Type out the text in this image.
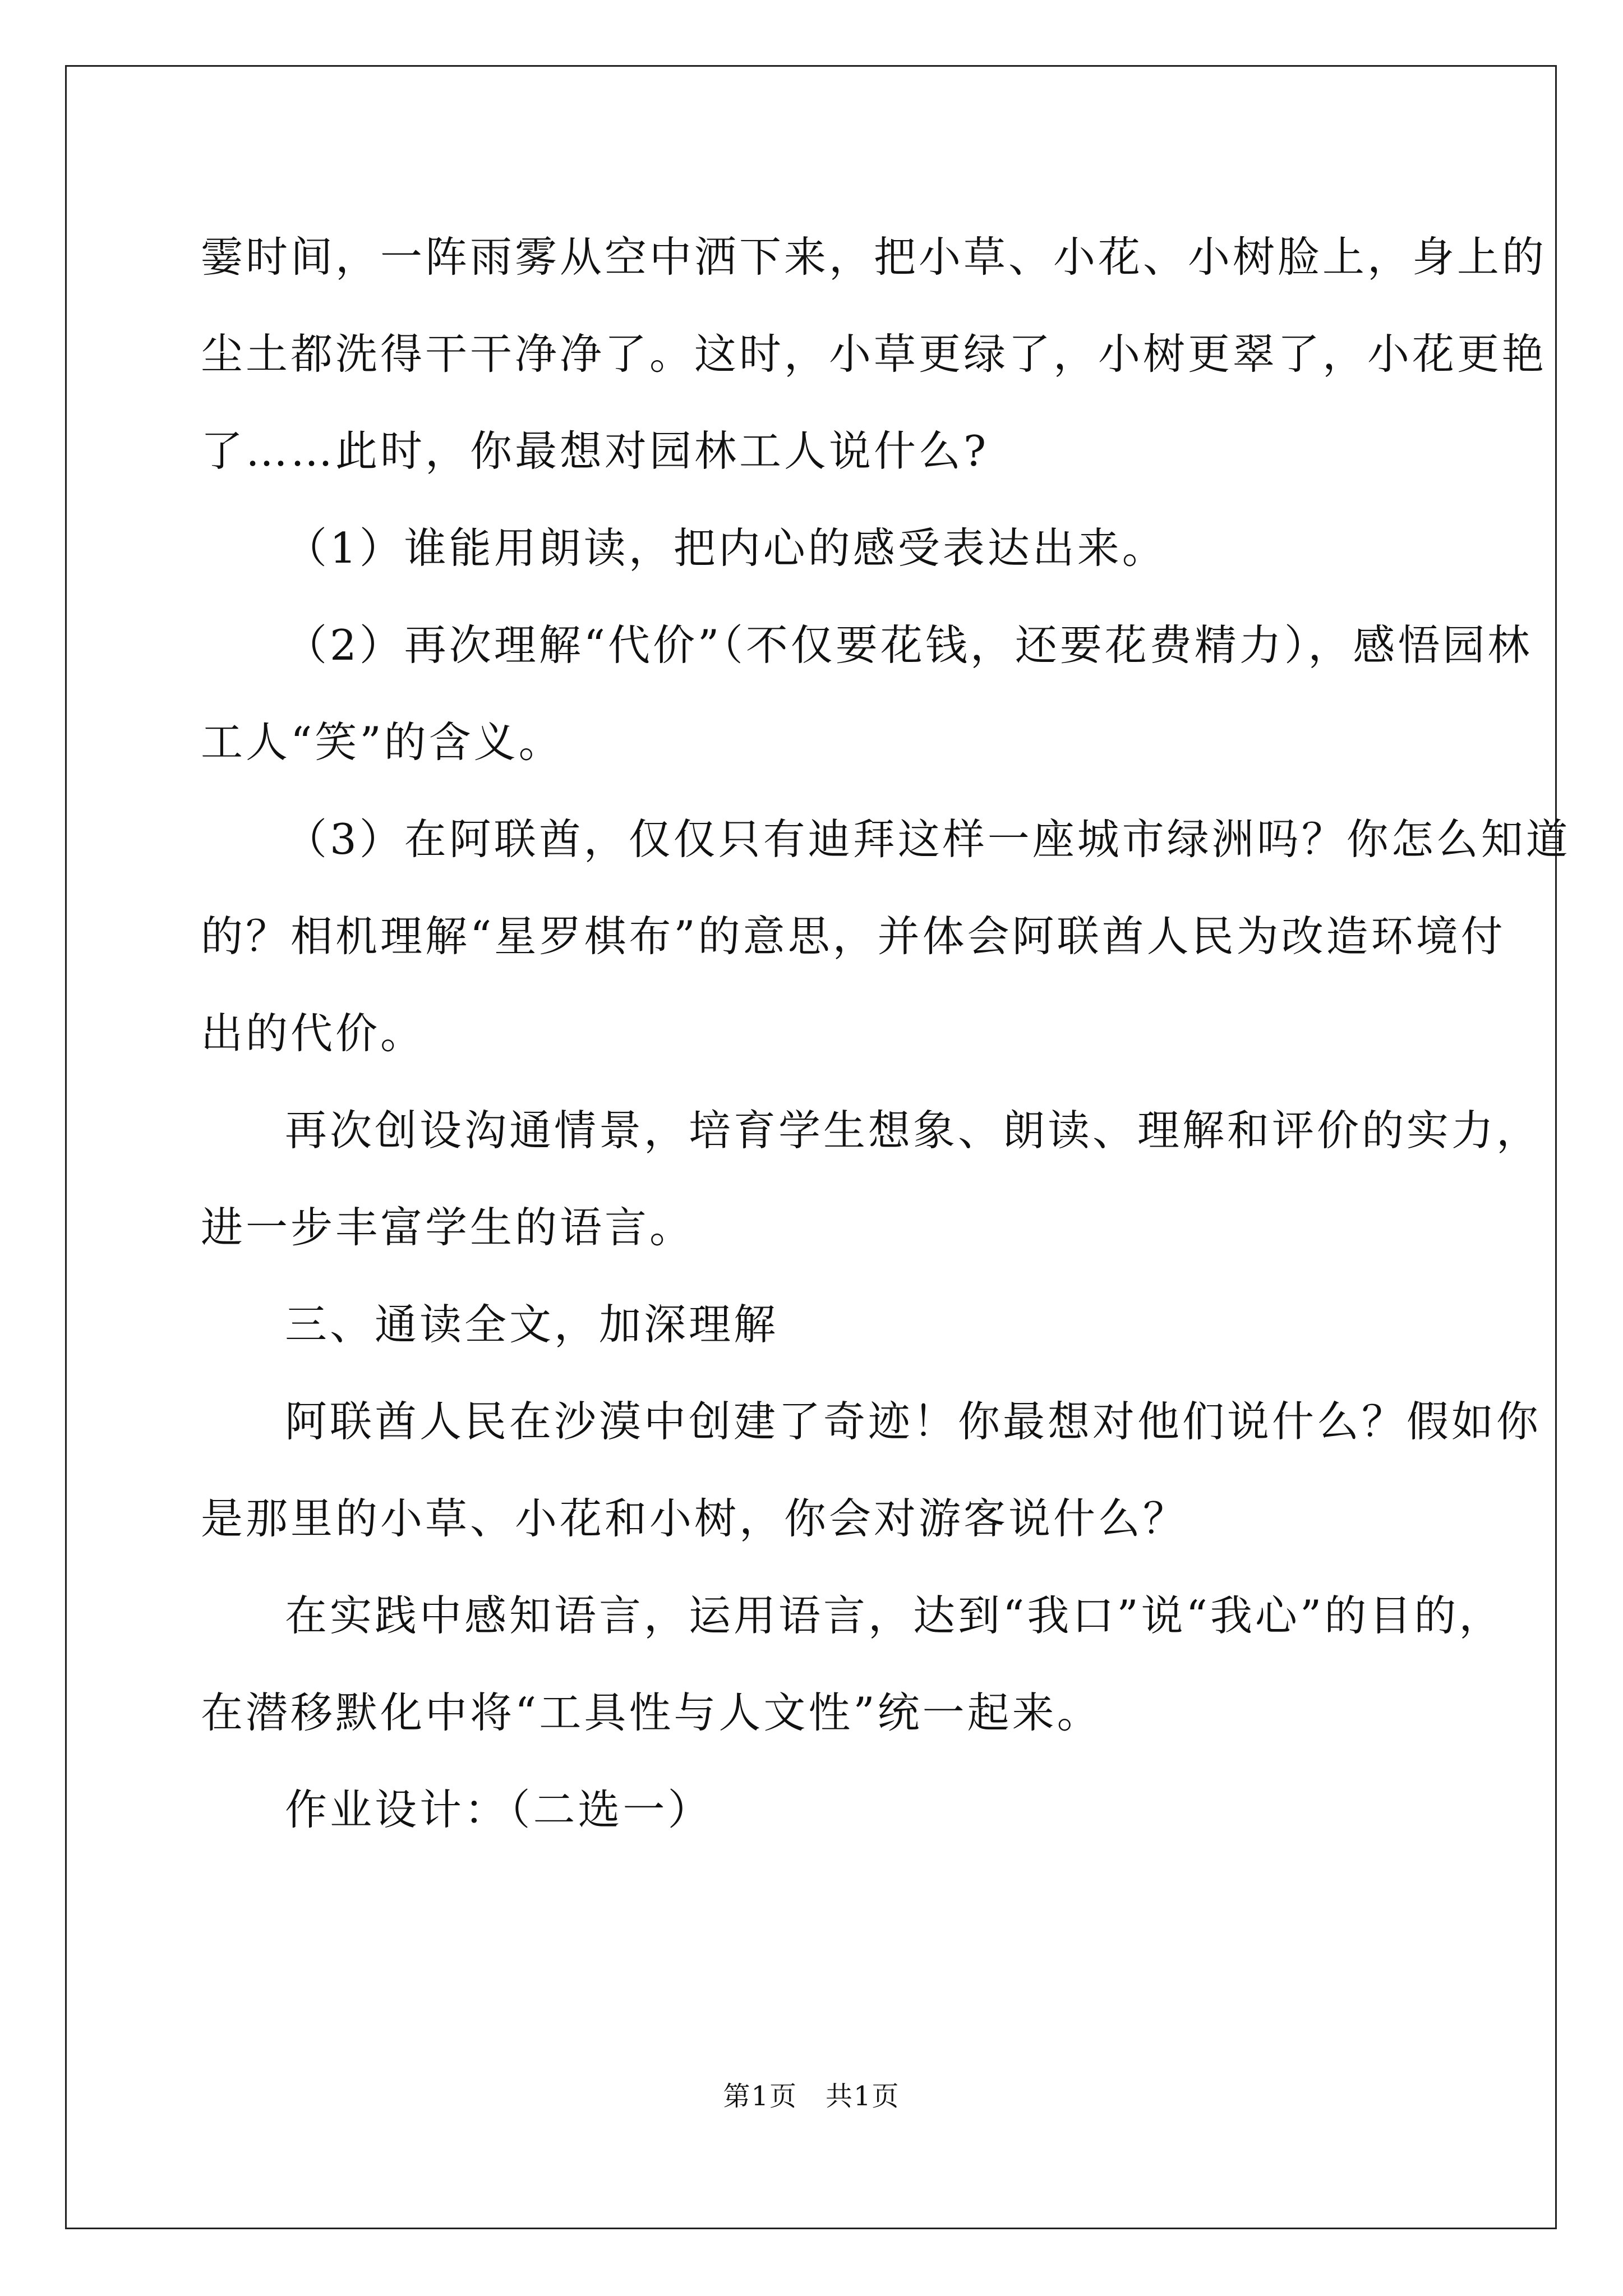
霎时间，一阵雨雾从空中洒下来，把小草、小花、小树脸上，身上的
尘土都洗得干干净净了。这时，小草更绿了，小树更翠了，小花更艳
了……此时，你最想对园林工人说什么?

（1）谁能用朗读，把内心的感受表达出来。

（2）再次理解“代价”（不仅要花钱，还要花费精力），感悟园林
工人“笑”的含义。

（3）在阿联酋，仅仅只有迪拜这样一座城市绿洲吗？你怎么知道
的？相机理解“星罗棋布”的意思，并体会阿联酋人民为改造环境付
出的代价。

再次创设沟通情景，培育学生想象、朗读、理解和评价的实力，
进一步丰富学生的语言。

三、通读全文，加深理解

阿联酋人民在沙漠中创建了奇迹！你最想对他们说什么？假如你
是那里的小草、小花和小树，你会对游客说什么？

在实践中感知语言，运用语言，达到“我口”说“我心”的目的，
在潜移默化中将“工具性与人文性”统一起来。

作业设计：（二选一）

第1页 共1页
